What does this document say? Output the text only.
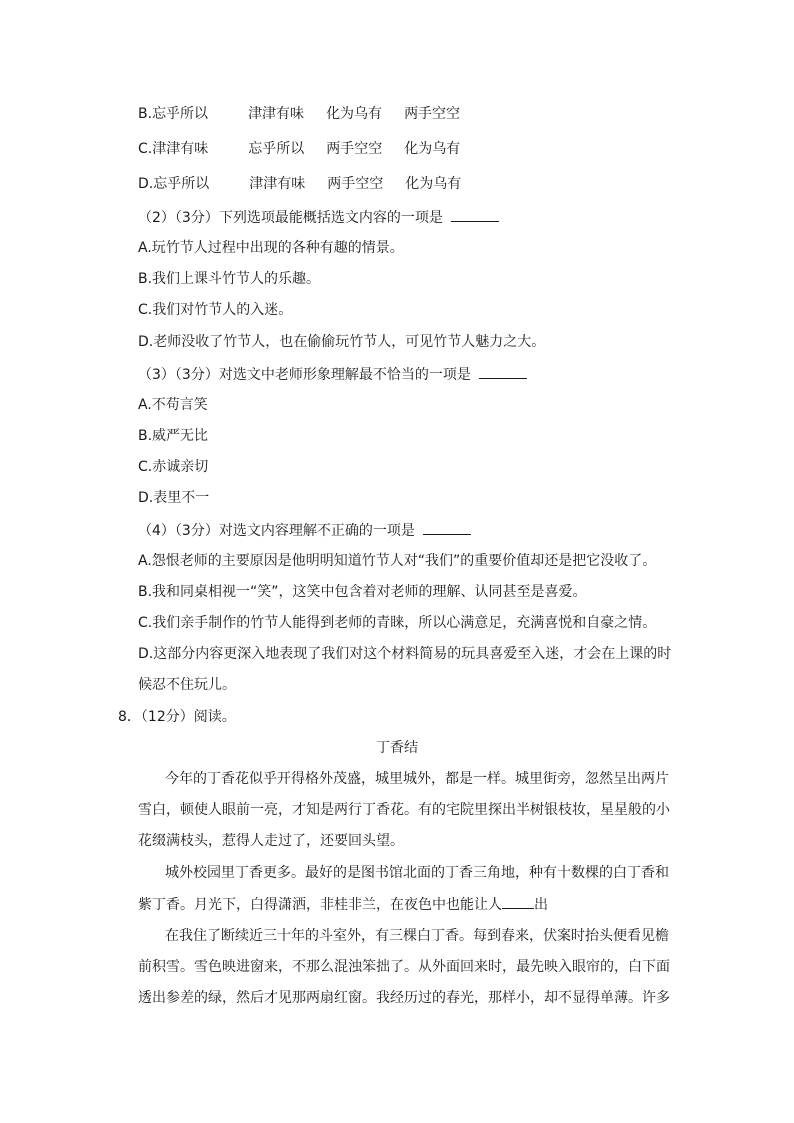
B.忘乎所以	津津有味 化为乌有 两手空空
C.津津有味	忘乎所以 两手空空 化为乌有
D.忘乎所以	津津有味 两手空空 化为乌有
（2）（3分）下列选项最能概括选文内容的一项是
A.玩竹节人过程中出现的各种有趣的情景。
B.我们上课斗竹节人的乐趣。
C.我们对竹节人的入迷。
D.老师没收了竹节人，也在偷偷玩竹节人，可见竹节人魅力之大。
（3）（3分）对选文中老师形象理解最不恰当的一项是
A.不苟言笑
B.威严无比
C.赤诚亲切
D.表里不一
（4）（3分）对选文内容理解不正确的一项是
A.怨恨老师的主要原因是他明明知道竹节人对“我们”的重要价值却还是把它没收了。
B.我和同桌相视一“笑”，这笑中包含着对老师的理解、认同甚至是喜爱。
C.我们亲手制作的竹节人能得到老师的青睐，所以心满意足，充满喜悦和自豪之情。
D.这部分内容更深入地表现了我们对这个材料简易的玩具喜爱至入迷，才会在上课的时
候忍不住玩儿。
8．（12分）阅读。
丁香结
今年的丁香花似乎开得格外茂盛，城里城外，都是一样。城里街旁，忽然呈出两片
雪白，顿使人眼前一亮，才知是两行丁香花。有的宅院里探出半树银枝妆，星星般的小
花缀满枝头，惹得人走过了，还要回头望。
城外校园里丁香更多。最好的是图书馆北面的丁香三角地，种有十数棵的白丁香和
紫丁香。月光下，白得潇洒，非桂非兰，在夜色中也能让人 出
在我住了断续近三十年的斗室外，有三棵白丁香。每到春来，伏案时抬头便看见檐
前积雪。雪色映进窗来，不那么混浊笨拙了。从外面回来时，最先映入眼帘的，白下面
透出参差的绿，然后才见那两扇红窗。我经历过的春光，那样小，却不显得单薄。许多
